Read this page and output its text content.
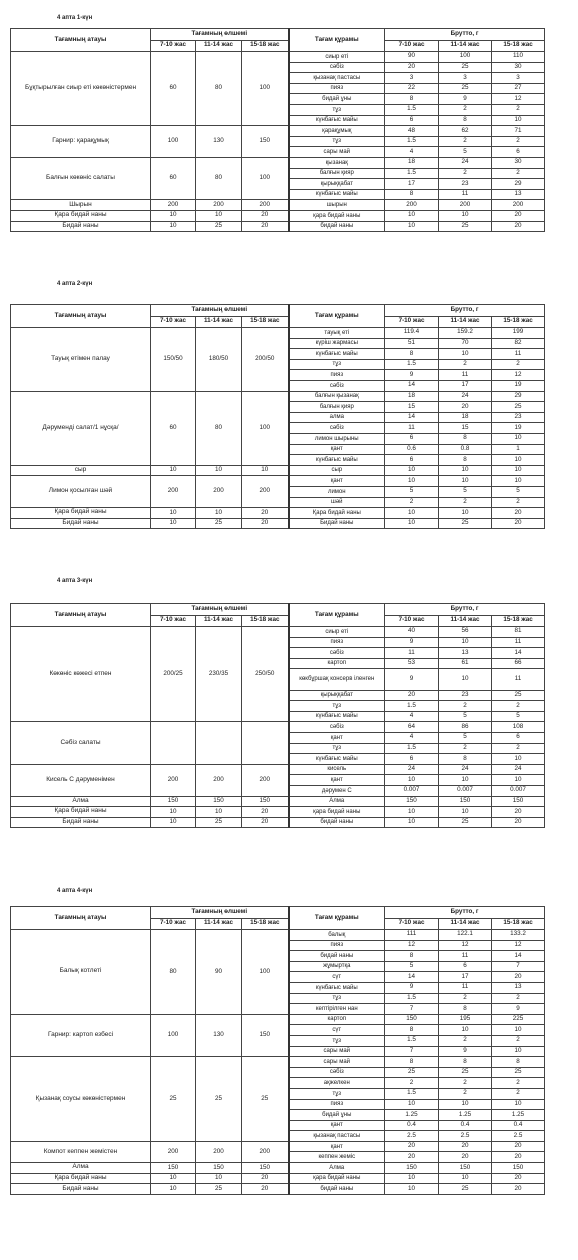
4 апта 1-күн
Тағамның атауы	Тағамның өлшемі			Тағам құрамы	Брутто, г		
	7-10 жас	11-14 жас	15-18 жас		7-10 жас	11-14 жас	15-18 жас
Бұқтырылған сиыр еті көкөністермен	60	80	100	сиыр еті	90	100	110
				сәбіз	20	25	30
				қызанақ пастасы	3	3	3
				пияз	22	25	27
				бидай ұны	8	9	12
				тұз	1.5	2	2
				күнбағыс майы	6	8	10
Гарнир: қарақұмық	100	130	150	қарақұмық	48	62	71
				тұз	1.5	2	2
				сары май	4	5	6
Балғын көкөніс салаты	60	80	100	қызанақ	18	24	30
				балғын қияр	1.5	2	2
				қырыққабат	17	23	29
				күнбағыс майы	8	11	13
Шырын	200	200	200	шырын	200	200	200
Қара бидай наны	10	10	20	қара бидай наны	10	10	20
Бидай наны	10	25	20	бидай наны	10	25	20
4 апта 2-күн
Тағамның атауы	Тағамның өлшемі			Тағам құрамы	Брутто, г		
	7-10 жас	11-14 жас	15-18 жас		7-10 жас	11-14 жас	15-18 жас
Тауық етімен палау	150/50	180/50	200/50	тауық еті	119.4	159.2	199
				күріш жармасы	51	70	82
				күнбағыс майы	8	10	11
				тұз	1.5	2	2
				пияз	9	11	12
				сәбіз	14	17	19
Дәрумендi салат/1 нұсқа/	60	80	100	балғын қызанақ	18	24	29
				балғын қияр	15	20	25
				алма	14	18	23
				сәбіз	11	15	19
				лимон шырыны	6	8	10
				қант	0.6	0.8	1
				күнбағыс майы	6	8	10
сыр	10	10	10	сыр	10	10	10
Лимон қосылған шәй	200	200	200	қант	10	10	10
				лимон	5	5	5
				шәй	2	2	2
Қара бидай наны	10	10	20	Қара бидай наны	10	10	20
Бидай наны	10	25	20	Бидай наны	10	25	20
4 апта 3-күн
Тағамның атауы	Тағамның өлшемі			Тағам құрамы	Брутто, г		
	7-10 жас	11-14 жас	15-18 жас		7-10 жас	11-14 жас	15-18 жас
Көкөніс көжесі етпен	200/25	230/35	250/50	сиыр еті	40	56	81
				пияз	9	10	11
				сәбіз	11	13	14
				картоп	53	61	66
				көкбұршақ консерв іленген	9	10	11
				қырыққабат	20	23	25
				тұз	1.5	2	2
				күнбағыс майы	4	5	5
Сәбіз салаты				сәбіз	64	86	108
				қант	4	5	6
				тұз	1.5	2	2
				күнбағыс майы	6	8	10
Кисель С дәруменімен	200	200	200	кисель	24	24	24
				қант	10	10	10
				дәрумен С	0.007	0.007	0.007
Алма	150	150	150	Алма	150	150	150
Қара бидай наны	10	10	20	қара бидай наны	10	10	20
Бидай наны	10	25	20	бидай наны	10	25	20
4 апта 4-күн
Тағамның атауы	Тағамның өлшемі			Тағам құрамы	Брутто, г		
	7-10 жас	11-14 жас	15-18 жас		7-10 жас	11-14 жас	15-18 жас
Балық котлеті	80	90	100	балық	111	122.1	133.2
				пияз	12	12	12
				бидай наны	8	11	14
				жұмыртқа	5	6	7
				сүт	14	17	20
				күнбағыс майы	9	11	13
				тұз	1.5	2	2
				кептірілген нан	7	8	9
Гарнир: картоп езбесі	100	130	150	картоп	150	195	225
				сүт	8	10	10
				тұз	1.5	2	2
				сары май	7	9	10
Қызанақ соусы көкөністермен	25	25	25	сары май	8	8	8
				сәбіз	25	25	25
				ақжелкен	2	2	2
				тұз	1.5	2	2
				пияз	10	10	10
				бидай ұны	1.25	1.25	1.25
				қант	0.4	0.4	0.4
				қызанақ пастасы	2.5	2.5	2.5
Компот кеппен жемістен	200	200	200	қант	20	20	20
				кеппен жеміс	20	20	20
Алма	150	150	150	Алма	150	150	150
Қара бидай наны	10	10	20	қара бидай наны	10	10	20
Бидай наны	10	25	20	бидай наны	10	25	20
